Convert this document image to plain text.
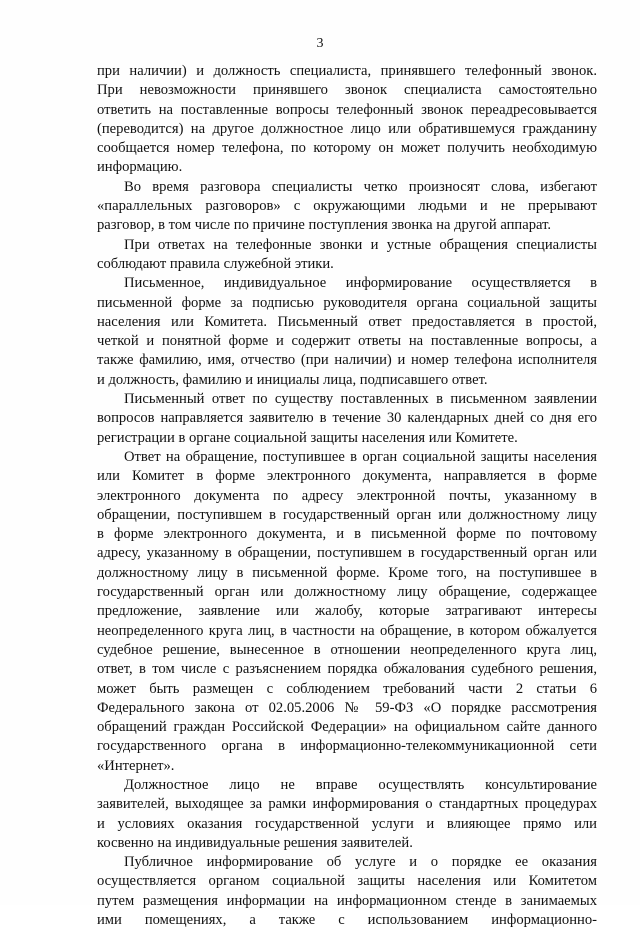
3
при наличии) и должность специалиста, принявшего телефонный звонок.
При невозможности принявшего звонок специалиста самостоятельно
ответить на поставленные вопросы телефонный звонок переадресовывается
(переводится) на другое должностное лицо или обратившемуся гражданину
сообщается номер телефона, по которому он может получить необходимую
информацию.
Во время разговора специалисты четко произносят слова, избегают
«параллельных разговоров» с окружающими людьми и не прерывают
разговор, в том числе по причине поступления звонка на другой аппарат.
При ответах на телефонные звонки и устные обращения специалисты
соблюдают правила служебной этики.
Письменное, индивидуальное информирование осуществляется в
письменной форме за подписью руководителя органа социальной защиты
населения или Комитета. Письменный ответ предоставляется в простой,
четкой и понятной форме и содержит ответы на поставленные вопросы, а
также фамилию, имя, отчество (при наличии) и номер телефона исполнителя
и должность, фамилию и инициалы лица, подписавшего ответ.
Письменный ответ по существу поставленных в письменном заявлении
вопросов направляется заявителю в течение 30 календарных дней со дня его
регистрации в органе социальной защиты населения или Комитете.
Ответ на обращение, поступившее в орган социальной защиты населения
или Комитет в форме электронного документа, направляется в форме
электронного документа по адресу электронной почты, указанному в
обращении, поступившем в государственный орган или должностному лицу
в форме электронного документа, и в письменной форме по почтовому
адресу, указанному в обращении, поступившем в государственный орган или
должностному лицу в письменной форме. Кроме того, на поступившее в
государственный орган или должностному лицу обращение, содержащее
предложение, заявление или жалобу, которые затрагивают интересы
неопределенного круга лиц, в частности на обращение, в котором обжалуется
судебное решение, вынесенное в отношении неопределенного круга лиц,
ответ, в том числе с разъяснением порядка обжалования судебного решения,
может быть размещен с соблюдением требований части 2 статьи 6
Федерального закона от 02.05.2006 № 59-ФЗ «О порядке рассмотрения
обращений граждан Российской Федерации» на официальном сайте данного
государственного органа в информационно-телекоммуникационной сети
«Интернет».
Должностное лицо не вправе осуществлять консультирование
заявителей, выходящее за рамки информирования о стандартных процедурах
и условиях оказания государственной услуги и влияющее прямо или
косвенно на индивидуальные решения заявителей.
Публичное информирование об услуге и о порядке ее оказания
осуществляется органом социальной защиты населения или Комитетом
путем размещения информации на информационном стенде в занимаемых
ими помещениях, а также с использованием информационно-
